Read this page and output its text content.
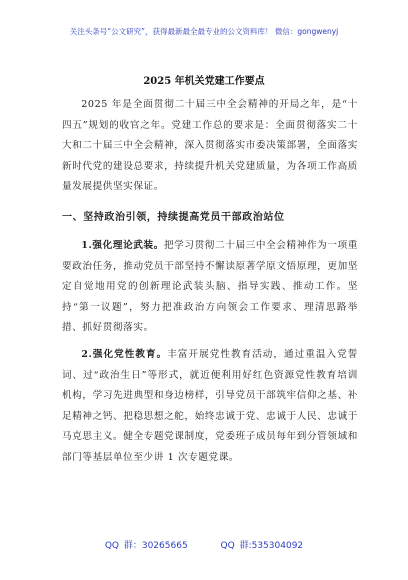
关注头条号“公文研究”，获得最新最全最专业的公文资料库！ 微信：gongwenyj
2025 年机关党建工作要点

2025 年是全面贯彻二十届三中全会精神的开局之年，是“十四五”规划的收官之年。党建工作总的要求是：全面贯彻落实二十大和二十届三中全会精神，深入贯彻落实市委决策部署，全面落实新时代党的建设总要求，持续提升机关党建质量，为各项工作高质量发展提供坚实保证。

一、坚持政治引领，持续提高党员干部政治站位

1.强化理论武装。把学习贯彻二十届三中全会精神作为一项重要政治任务，推动党员干部坚持不懈读原著学原文悟原理，更加坚定自觉地用党的创新理论武装头脑、指导实践、推动工作。坚持“第一议题”，努力把准政治方向领会工作要求、理清思路举措、抓好贯彻落实。

2.强化党性教育。丰富开展党性教育活动，通过重温入党誓词、过“政治生日”等形式，就近便利用好红色资源党性教育培训机构，学习先进典型和身边榜样，引导党员干部筑牢信仰之基、补足精神之钙、把稳思想之舵，始终忠诚于党、忠诚于人民、忠诚于马克思主义。健全专题党课制度，党委班子成员每年到分管领域和部门等基层单位至少讲 1 次专题党课。

QQ 群：30265665	QQ 群:535304092
